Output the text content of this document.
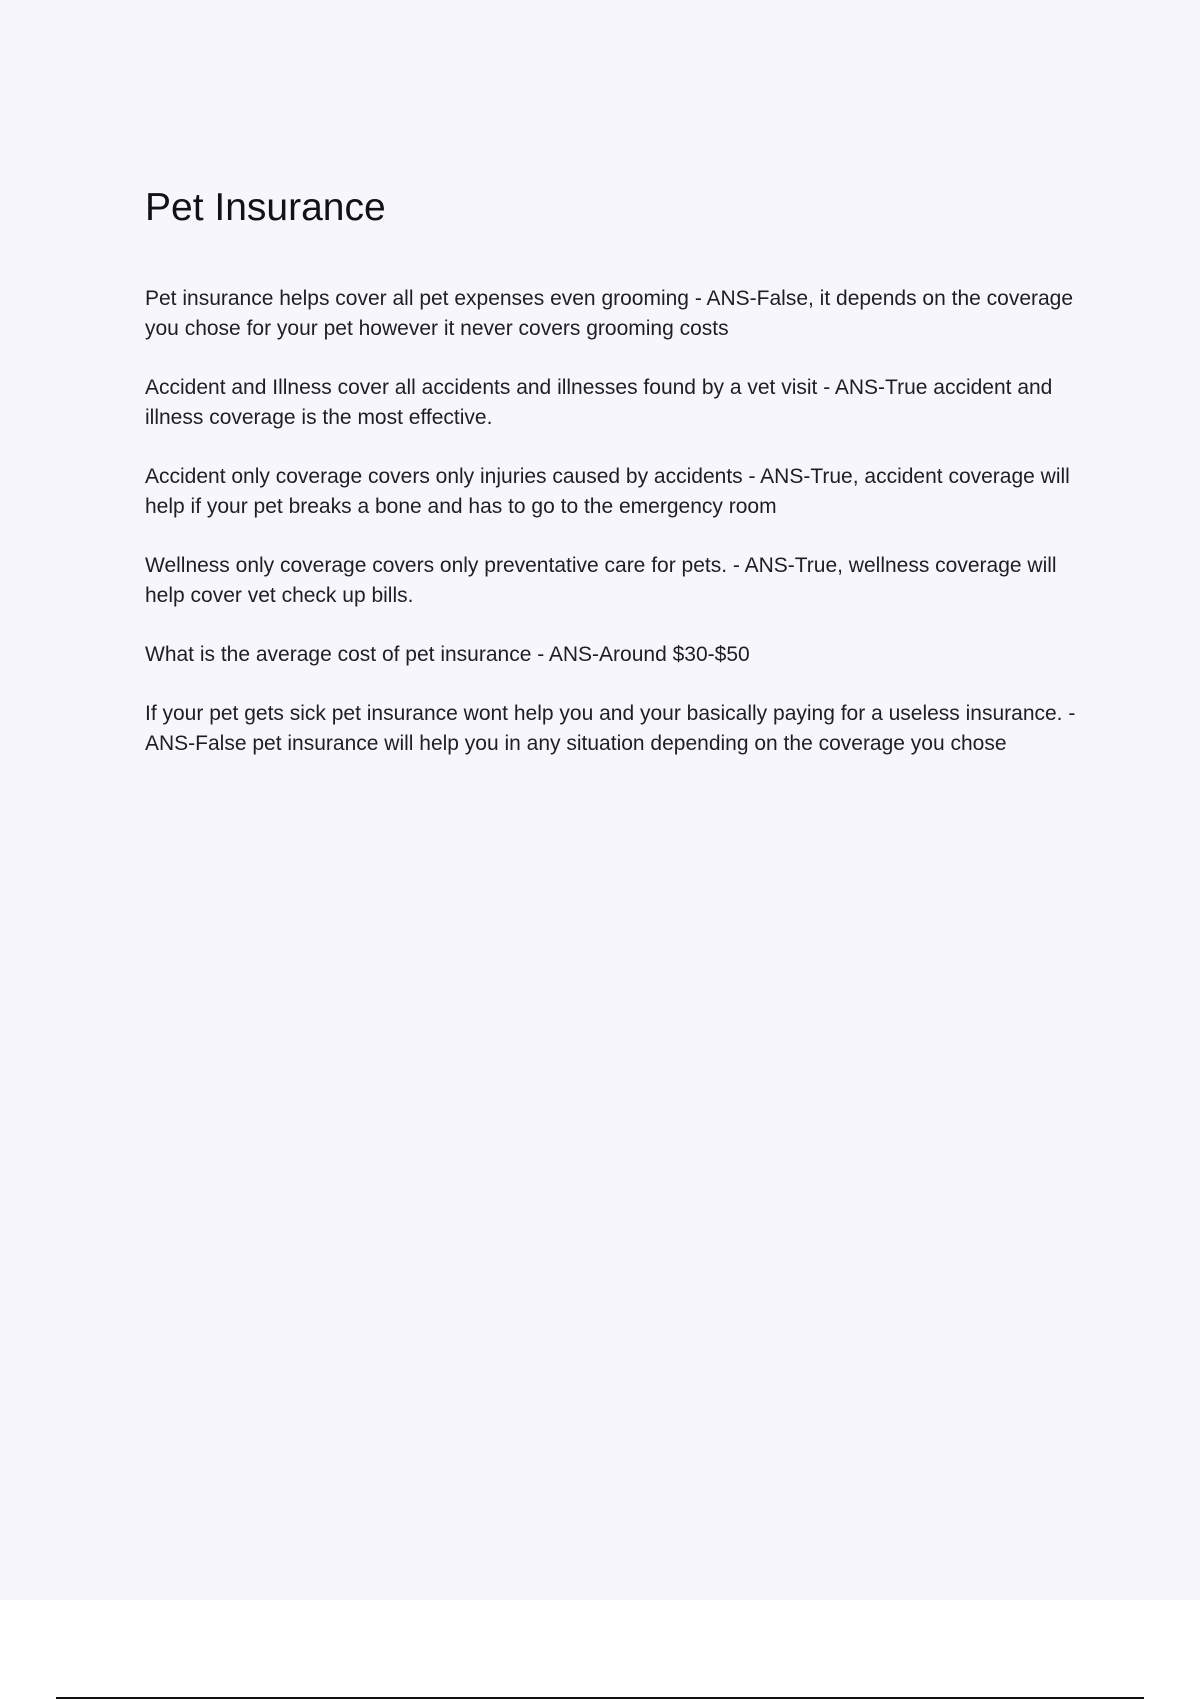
Pet Insurance

Pet insurance helps cover all pet expenses even grooming - ANS-False, it depends on the coverage you chose for your pet however it never covers grooming costs

Accident and Illness cover all accidents and illnesses found by a vet visit - ANS-True accident and illness coverage is the most effective.

Accident only coverage covers only injuries caused by accidents - ANS-True, accident coverage will help if your pet breaks a bone and has to go to the emergency room

Wellness only coverage covers only preventative care for pets. - ANS-True, wellness coverage will help cover vet check up bills.

What is the average cost of pet insurance - ANS-Around $30-$50

If your pet gets sick pet insurance wont help you and your basically paying for a useless insurance. - ANS-False pet insurance will help you in any situation depending on the coverage you chose
